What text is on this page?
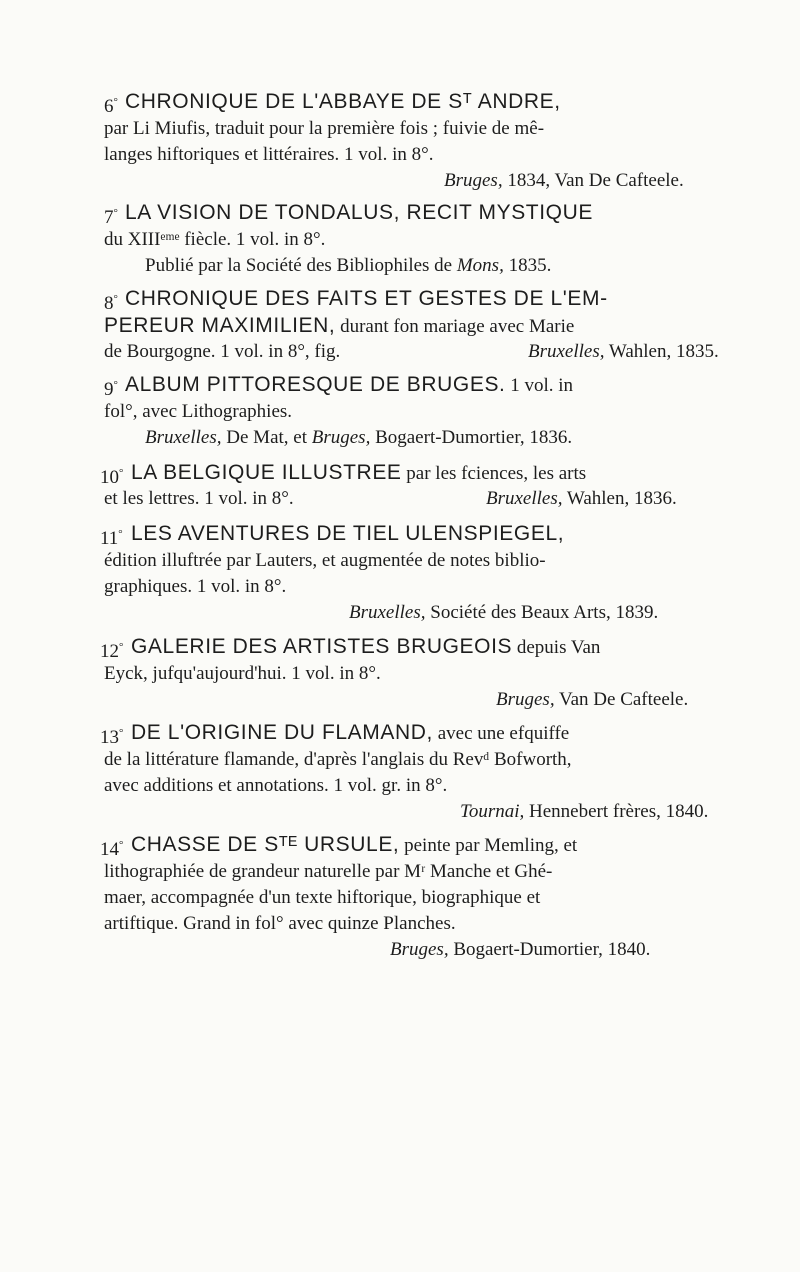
6° CHRONIQUE DE L'ABBAYE DE Sᵀ ANDRE,
par Li Miufis, traduit pour la première fois ; fuivie de mê-
langes hiftoriques et littéraires. 1 vol. in 8°.
Bruges, 1834, Van De Cafteele.
7° LA VISION DE TONDALUS, RECIT MYSTIQUE
du XIIIᵉᵐᵉ fiècle. 1 vol. in 8°.
Publié par la Société des Bibliophiles de Mons, 1835.
8° CHRONIQUE DES FAITS ET GESTES DE L'EM-
PEREUR MAXIMILIEN, durant fon mariage avec Marie
de Bourgogne. 1 vol. in 8°, fig.	Bruxelles, Wahlen, 1835.
9° ALBUM PITTORESQUE DE BRUGES. 1 vol. in
fol°, avec Lithographies.
Bruxelles, De Mat, et Bruges, Bogaert-Dumortier, 1836.
10° LA BELGIQUE ILLUSTREE par les fciences, les arts
et les lettres. 1 vol. in 8°.	Bruxelles, Wahlen, 1836.
11° LES AVENTURES DE TIEL ULENSPIEGEL,
édition illuftrée par Lauters, et augmentée de notes biblio-
graphiques. 1 vol. in 8°.
Bruxelles, Société des Beaux Arts, 1839.
12° GALERIE DES ARTISTES BRUGEOIS depuis Van
Eyck, jufqu'aujourd'hui. 1 vol. in 8°.
Bruges, Van De Cafteele.
13° DE L'ORIGINE DU FLAMAND, avec une efquiffe
de la littérature flamande, d'après l'anglais du Revᵈ Bofworth,
avec additions et annotations. 1 vol. gr. in 8°.
Tournai, Hennebert frères, 1840.
14° CHASSE DE Sᵀᴱ URSULE, peinte par Memling, et
lithographiée de grandeur naturelle par Mʳ Manche et Ghé-
maer, accompagnée d'un texte hiftorique, biographique et
artiftique. Grand in fol° avec quinze Planches.
Bruges, Bogaert-Dumortier, 1840.
